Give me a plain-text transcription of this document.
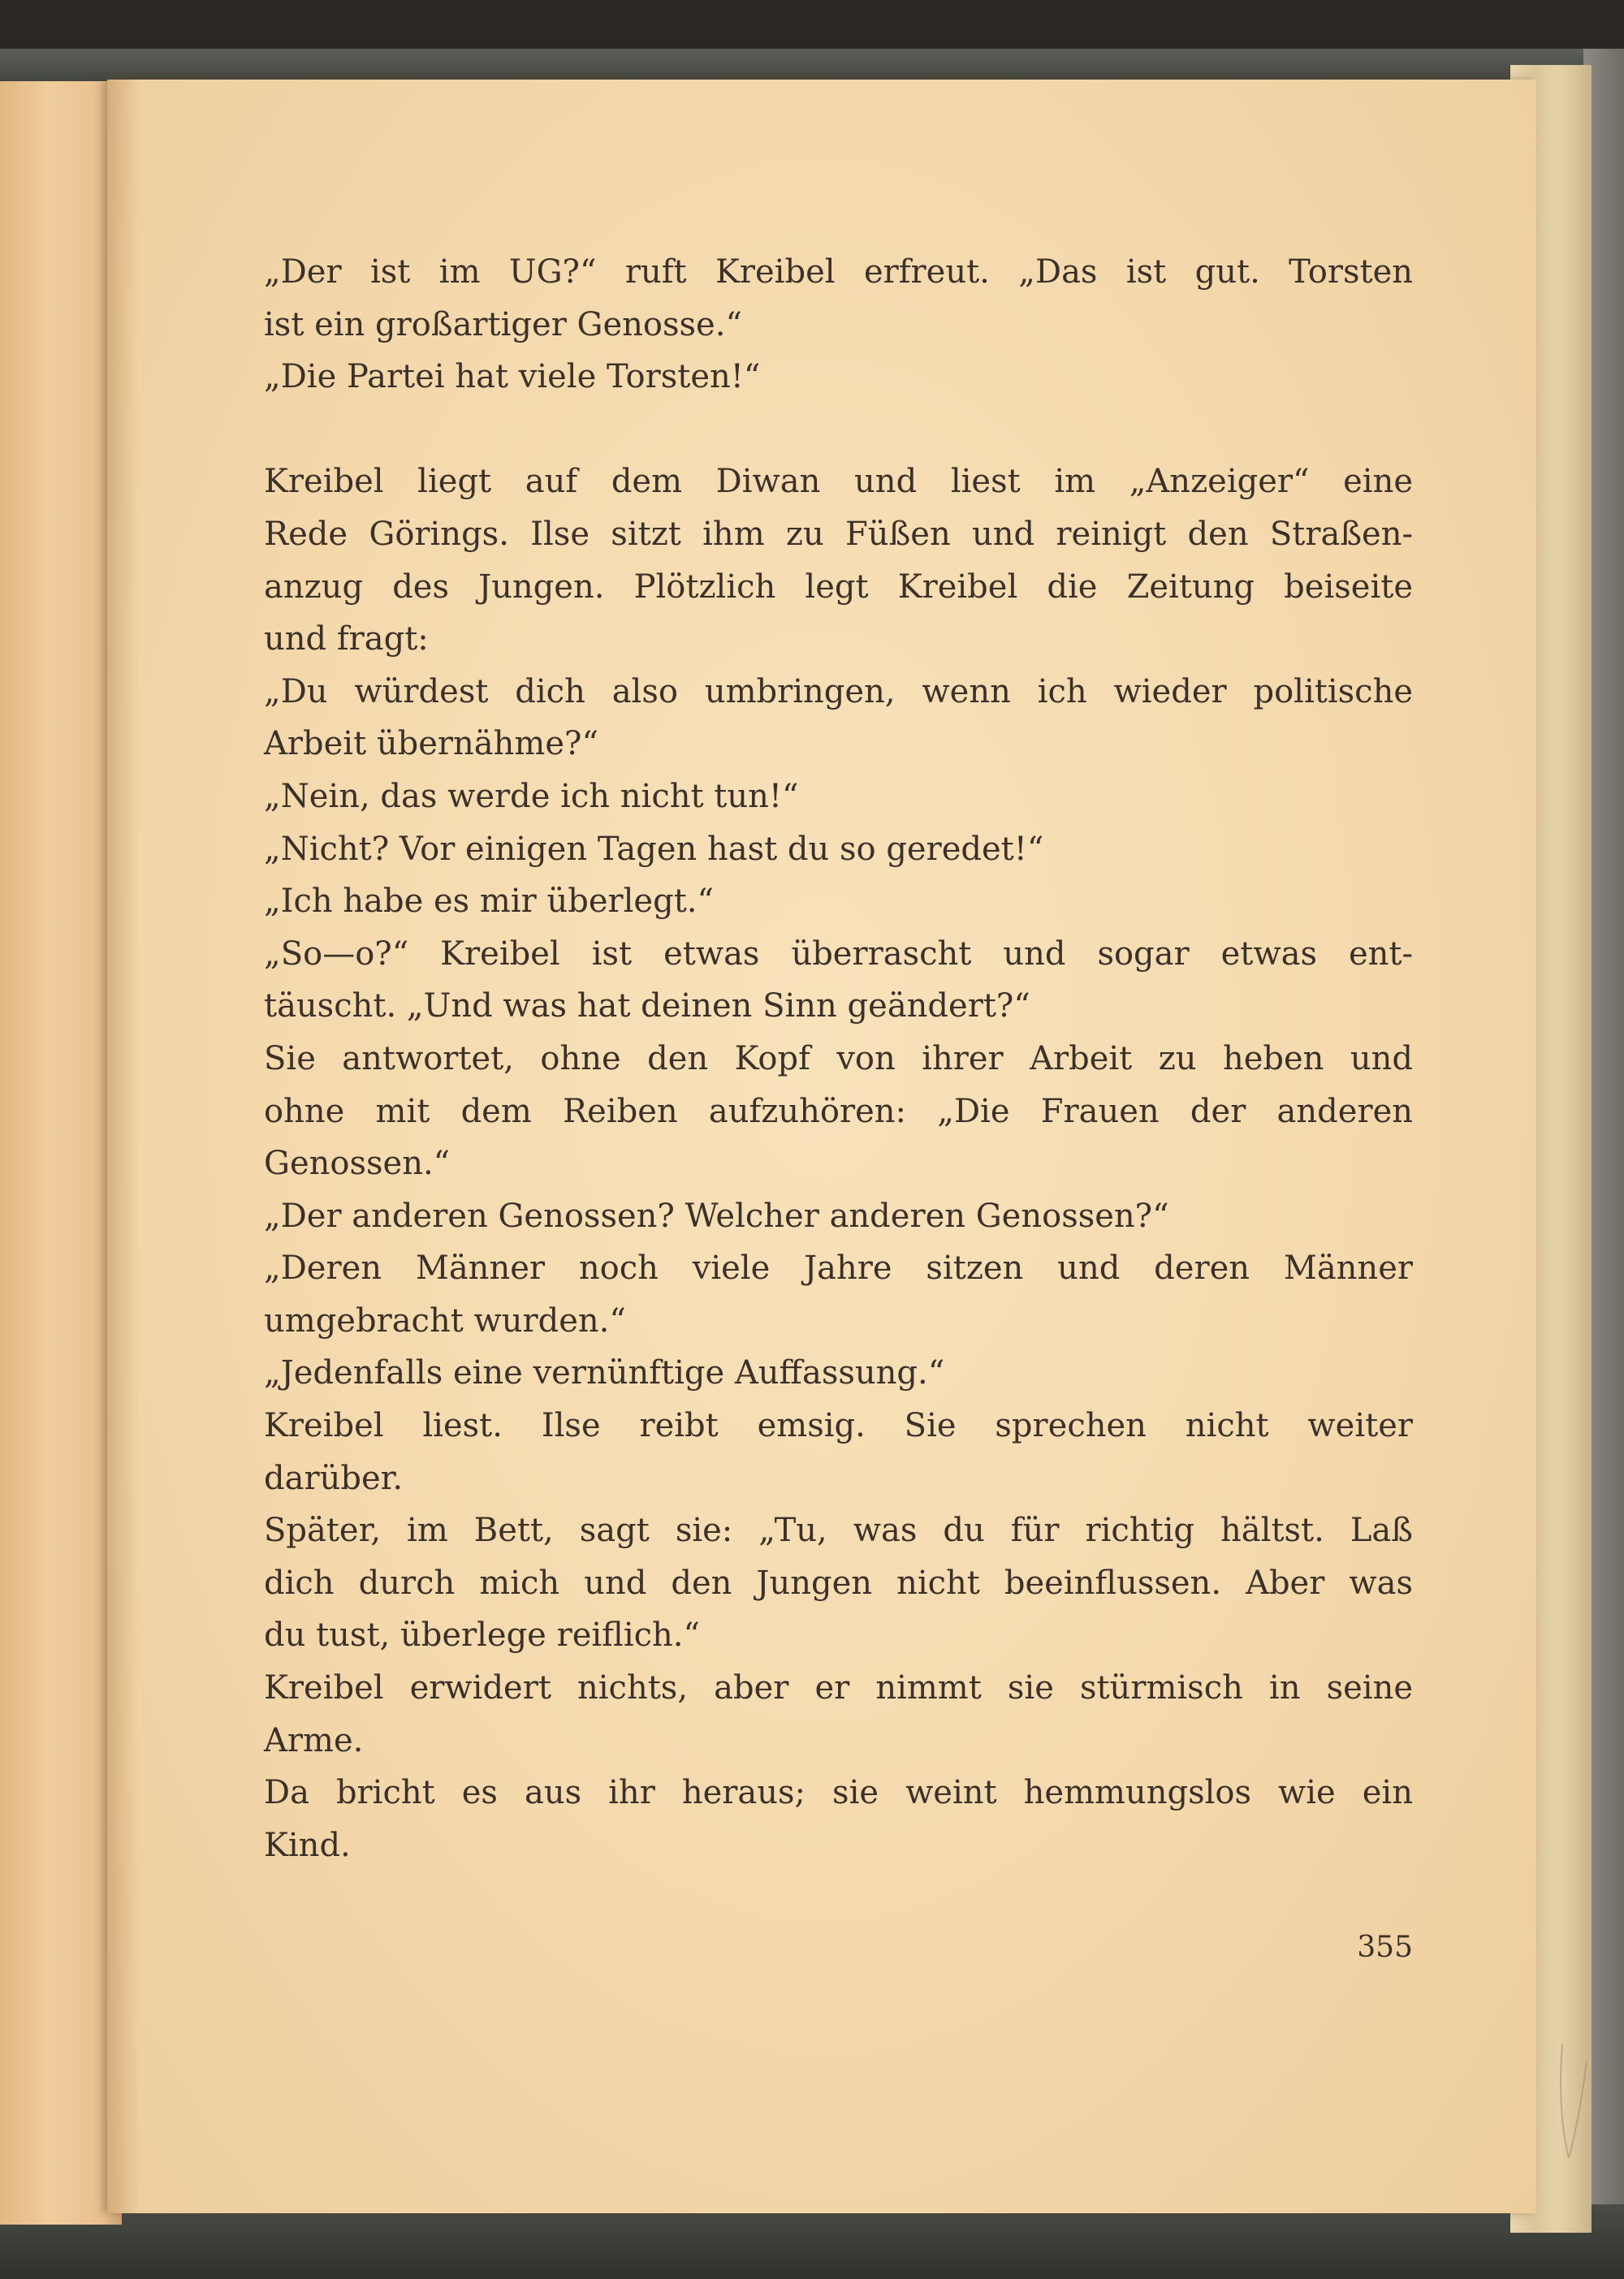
„Der ist im UG?“ ruft Kreibel erfreut. „Das ist gut. Torsten
ist ein großartiger Genosse.“
„Die Partei hat viele Torsten!“
Kreibel liegt auf dem Diwan und liest im „Anzeiger“ eine
Rede Görings. Ilse sitzt ihm zu Füßen und reinigt den Straßen-
anzug des Jungen. Plötzlich legt Kreibel die Zeitung beiseite
und fragt:
„Du würdest dich also umbringen, wenn ich wieder politische
Arbeit übernähme?“
„Nein, das werde ich nicht tun!“
„Nicht? Vor einigen Tagen hast du so geredet!“
„Ich habe es mir überlegt.“
„So—o?“ Kreibel ist etwas überrascht und sogar etwas ent-
täuscht. „Und was hat deinen Sinn geändert?“
Sie antwortet, ohne den Kopf von ihrer Arbeit zu heben und
ohne mit dem Reiben aufzuhören: „Die Frauen der anderen
Genossen.“
„Der anderen Genossen? Welcher anderen Genossen?“
„Deren Männer noch viele Jahre sitzen und deren Männer
umgebracht wurden.“
„Jedenfalls eine vernünftige Auffassung.“
Kreibel liest. Ilse reibt emsig. Sie sprechen nicht weiter
darüber.
Später, im Bett, sagt sie: „Tu, was du für richtig hältst. Laß
dich durch mich und den Jungen nicht beeinflussen. Aber was
du tust, überlege reiflich.“
Kreibel erwidert nichts, aber er nimmt sie stürmisch in seine
Arme.
Da bricht es aus ihr heraus; sie weint hemmungslos wie ein
Kind.
355
